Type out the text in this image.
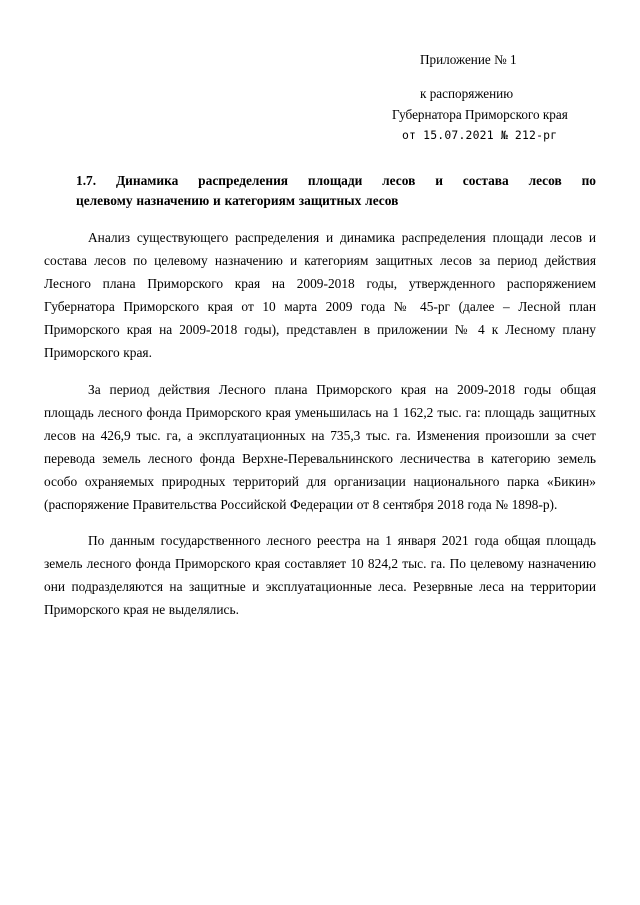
Приложение № 1
к распоряжению
Губернатора Приморского края
от 15.07.2021 № 212-рг
1.7. Динамика распределения площади лесов и состава лесов по
целевому назначению и категориям защитных лесов

Анализ существующего распределения и динамика распределения площади лесов и состава лесов по целевому назначению и категориям защитных лесов за период действия Лесного плана Приморского края на 2009-2018 годы, утвержденного распоряжением Губернатора Приморского края от 10 марта 2009 года № 45-рг (далее – Лесной план Приморского края на 2009-2018 годы), представлен в приложении № 4 к Лесному плану Приморского края.

За период действия Лесного плана Приморского края на 2009-2018 годы общая площадь лесного фонда Приморского края уменьшилась на 1 162,2 тыс. га: площадь защитных лесов на 426,9 тыс. га, а эксплуатационных на 735,3 тыс. га. Изменения произошли за счет перевода земель лесного фонда Верхне-Перевальнинского лесничества в категорию земель особо охраняемых природных территорий для организации национального парка «Бикин» (распоряжение Правительства Российской Федерации от 8 сентября 2018 года № 1898-р).

По данным государственного лесного реестра на 1 января 2021 года общая площадь земель лесного фонда Приморского края составляет 10 824,2 тыс. га. По целевому назначению они подразделяются на защитные и эксплуатационные леса. Резервные леса на территории Приморского края не выделялись.
